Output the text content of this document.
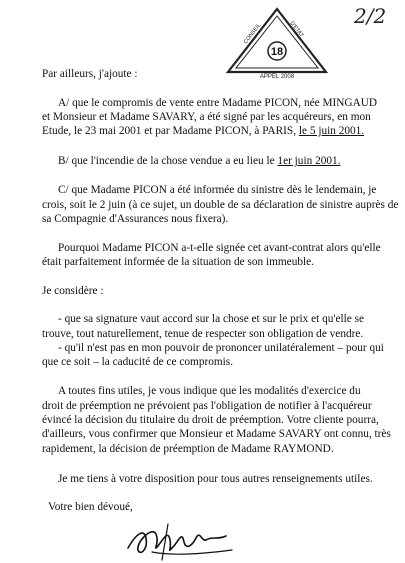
18
CONSEIL	D'ETAT
APPEL 2008
2/2
Par ailleurs, j'ajoute :
A/ que le compromis de vente entre Madame PICON, née MINGAUD
et Monsieur et Madame SAVARY, a été signé par les acquéreurs, en mon
Etude, le 23 mai 2001 et par Madame PICON, à PARIS, le 5 juin 2001.
B/ que l'incendie de la chose vendue a eu lieu le 1er juin 2001.
C/ que Madame PICON a été informée du sinistre dès le lendemain, je
crois, soit le 2 juin (à ce sujet, un double de sa déclaration de sinistre auprès de
sa Compagnie d'Assurances nous fixera).
Pourquoi Madame PICON a-t-elle signée cet avant-contrat alors qu'elle
était parfaitement informée de la situation de son immeuble.
Je considère :
- que sa signature vaut accord sur la chose et sur le prix et qu'elle se
trouve, tout naturellement, tenue de respecter son obligation de vendre.
- qu'il n'est pas en mon pouvoir de prononcer unilatéralement – pour qui
que ce soit – la caducité de ce compromis.
A toutes fins utiles, je vous indique que les modalités d'exercice du
droit de préemption ne prévoient pas l'obligation de notifier à l'acquéreur
évincé la décision du titulaire du droit de préemption. Votre cliente pourra,
d'ailleurs, vous confirmer que Monsieur et Madame SAVARY ont connu, très
rapidement, la décision de préemption de Madame RAYMOND.
Je me tiens à votre disposition pour tous autres renseignements utiles.
Votre bien dévoué,
